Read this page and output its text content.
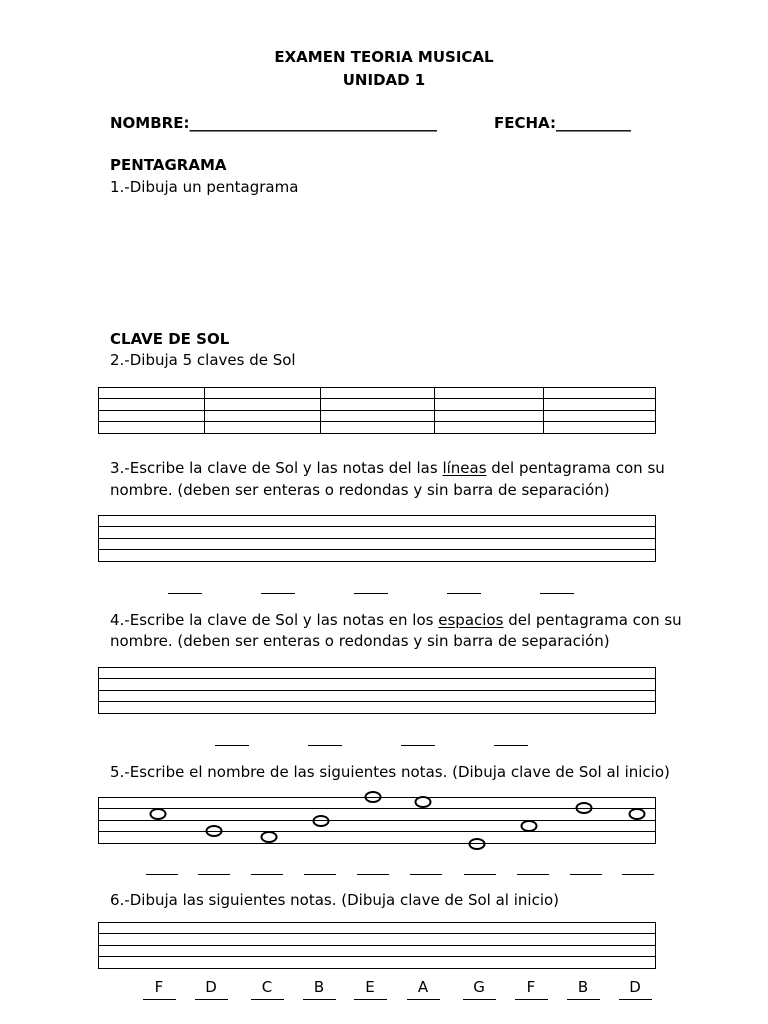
EXAMEN TEORIA MUSICAL
UNIDAD 1
NOMBRE:_________________________________	FECHA:__________
PENTAGRAMA
1.-Dibuja un pentagrama
CLAVE DE SOL
2.-Dibuja 5 claves de Sol
3.-Escribe la clave de Sol y las notas del las líneas del pentagrama con su
nombre. (deben ser enteras o redondas y sin barra de separación)
4.-Escribe la clave de Sol y las notas en los espacios del pentagrama con su
nombre. (deben ser enteras o redondas y sin barra de separación)
5.-Escribe el nombre de las siguientes notas. (Dibuja clave de Sol al inicio)
6.-Dibuja las siguientes notas. (Dibuja clave de Sol al inicio)
F	D	C	B	E	A	G	F	B	D
